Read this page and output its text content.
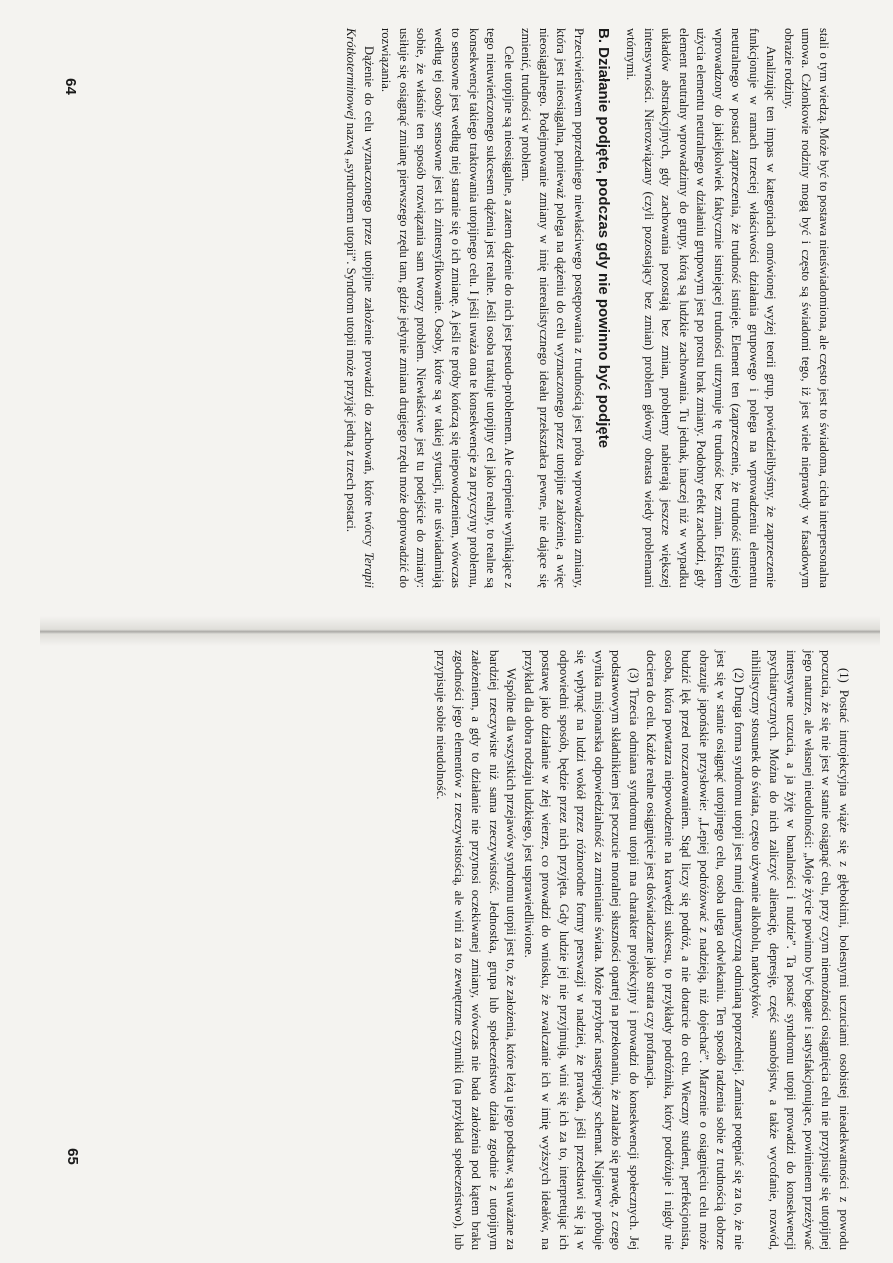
64
65

stali o tym wiedzą. Może być to postawa nieuświadomiona, ale często jest to świadoma, cicha interpersonalna umowa. Członkowie rodziny mogą być i często są świadomi tego, iż jest wiele nieprawdy w fasadowym obrazie rodziny.

Analizując ten impas w kategoriach omówionej wyżej teorii grup, powiedzielibyśmy, że zaprzeczenie funkcjonuje w ramach trzeciej właściwości działania grupowego i polega na wprowadzeniu elementu neutralnego w postaci zaprzeczenia, że trudność istnieje. Element ten (zaprzeczenie, że trudność istnieje) wprowadzony do jakiejkolwiek faktycznie istniejącej trudności utrzymuje tę trudność bez zmian. Efektem użycia elementu neutralnego w działaniu grupowym jest po prostu brak zmiany. Podobny efekt zachodzi, gdy element neutralny wprowadzimy do grupy, którą są ludzkie zachowania. Tu jednak, inaczej niż w wypadku układów abstrakcyjnych, gdy zachowania pozostają bez zmian, problemy nabierają jeszcze większej intensywności. Nierozwiązany (czyli pozostający bez zmian) problem główny obrasta wiedy problemami wtórnymi.

B. Działanie podjęte, podczas gdy nie powinno być podjęte

Przeciwieństwem poprzedniego niewłaściwego postępowania z trudnością jest próba wprowadzenia zmiany, która jest nieosiągalna, ponieważ polega na dążeniu do celu wyznaczonego przez utopijne założenie, a więc nieosiągalnego. Podejmowanie zmiany w imię nierealistycznego ideału przekształca pewne, nie dające się zmienić, trudności w problem.

Cele utopijne są nieosiągalne, a zatem dążenie do nich jest pseudo-problemem. Ale cierpienie wynikające z tego nieuwieńczonego sukcesem dążenia jest realne. Jeśli osoba traktuje utopijny cel jako realny, to realne są konsekwencje takiego traktowania utopijnego celu. I jeśli uważa ona te konsekwencje za przyczyny problemu, to sensowne jest według niej staranie się o ich zmianę. A jeśli te próby kończą się niepowodzeniem, wówczas według tej osoby sensowne jest ich zintensyfikowanie. Osoby, które są w takiej sytuacji, nie uświadamiają sobie, że właśnie ten sposób rozwiązania sam tworzy problem. Niewłaściwe jest tu podejście do zmiany: usiłuje się osiągnąć zmianę pierwszego rzędu tam, gdzie jedynie zmiana drugiego rzędu może doprowadzić do rozwiązania.

Dążenie do celu wyznaczonego przez utopijne założenie prowadzi do zachowań, które twórcy Terapii Krótkoterminowej nazwą „syndromem utopii”. Syndrom utopii może przyjąć jedną z trzech postaci.

(1) Postać introjekcyjna wiąże się z głębokimi, bolesnymi uczuciami osobistej nieadekwatności z powodu poczucia, że się nie jest w stanie osiągnąć celu, przy czym niemożności osiągnięcia celu nie przypisuje się utopijnej jego naturze, ale własnej nieudolności: „Moje życie powinno być bogate i satysfakcjonujące, powinienem przeżywać intensywne uczucia, a ja żyję w banalności i nudzie”. Ta postać syndromu utopii prowadzi do konsekwencji psychiatrycznych. Można do nich zaliczyć alienację, depresję, część samobójstw, a także wycofanie, rozwód, nihilistyczny stosunek do świata, często używanie alkoholu, narkotyków.

(2) Druga forma syndromu utopii jest mniej dramatyczną odmianą poprzedniej. Zamiast potępiać się za to, że nie jest się w stanie osiągnąć utopijnego celu, osoba ulega odwlekaniu. Ten sposób radzenia sobie z trudnością dobrze obrazuje japońskie przysłowie: „Lepiej podróżować z nadzieją, niż dojechać”. Marzenie o osiągnięciu celu może budzić lęk przed rozczarowaniem. Stąd liczy się podróż, a nie dotarcie do celu. Wieczny student, perfekcjonista, osoba, która powtarza niepowodzenie na krawędzi sukcesu, to przykłady podróżnika, który podróżuje i nigdy nie dociera do celu. Każde realne osiągnięcie jest doświadczane jako strata czy profanacja.

(3) Trzecia odmiana syndromu utopii ma charakter projekcyjny i prowadzi do konsekwencji społecznych. Jej podstawowym składnikiem jest poczucie moralnej słuszności opartej na przekonaniu, że znalazło się prawdę, z czego wynika misjonarska odpowiedzialność za zmienianie świata. Może przybrać następujący schemat. Najpierw próbuje się wpłynąć na ludzi wokół przez różnorodne formy perswazji w nadziei, że prawda, jeśli przedstawi się ją w odpowiedni sposób, będzie przez nich przyjęta. Gdy ludzie jej nie przyjmują, wini się ich za to, interpretując ich postawę jako działanie w złej wierze, co prowadzi do wniosku, że zwalczanie ich w imię wyższych ideałów, na przykład dla dobra rodzaju ludzkiego, jest usprawiedliwione.

Wspólne dla wszystkich przejawów syndromu utopii jest to, że założenia, które leżą u jego podstaw, są uważane za bardziej rzeczywiste niż sama rzeczywistość. Jednostka, grupa lub społeczeństwo działa zgodnie z utopijnym założeniem, a gdy to działanie nie przynosi oczekiwanej zmiany, wówczas nie bada założenia pod kątem braku zgodności jego elementów z rzeczywistością, ale wini za to zewnętrzne czynniki (na przykład społeczeństwo), lub przypisuje sobie nieudolność.
